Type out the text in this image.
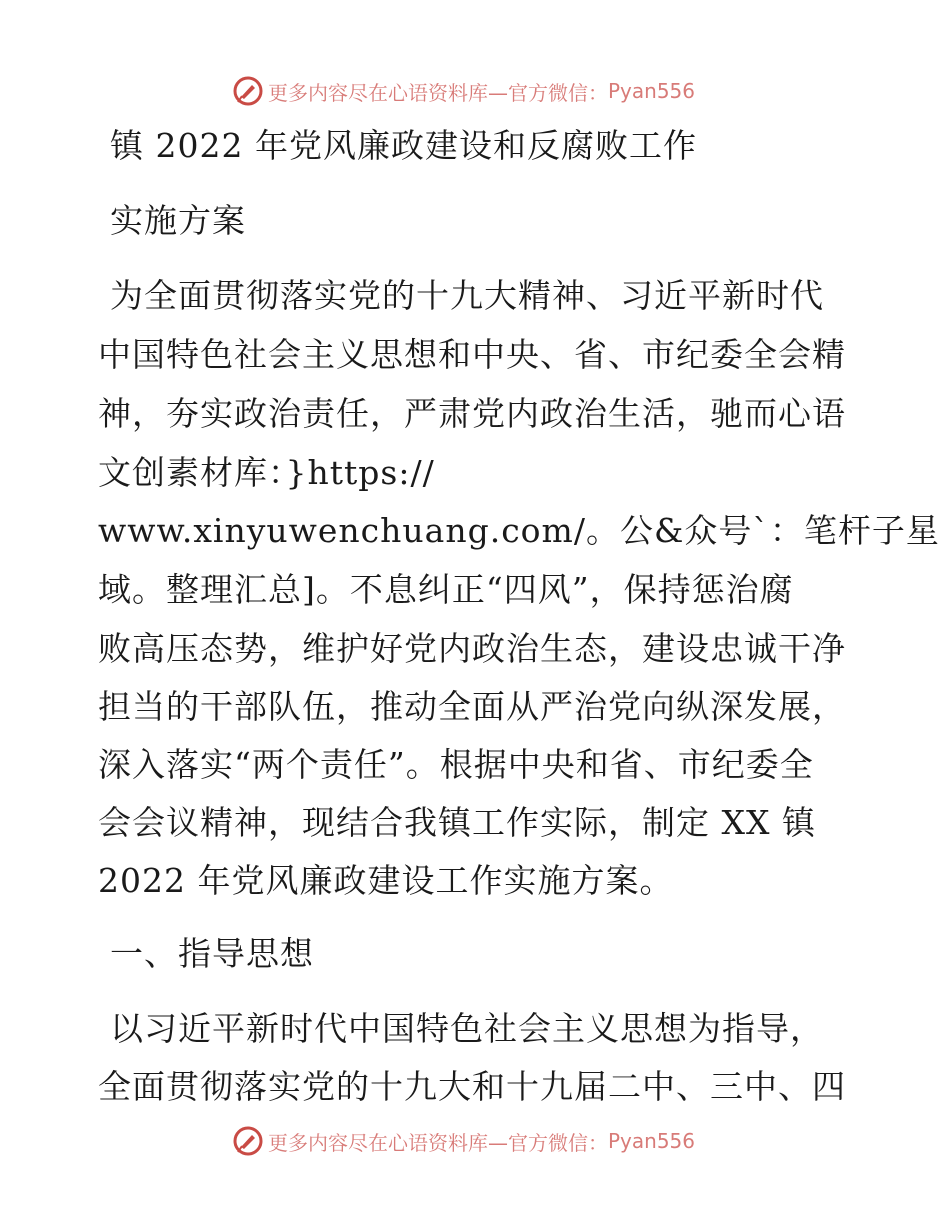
更多内容尽在心语资料库—官方微信： Pyan556
镇 2022 年党风廉政建设和反腐败工作
实施方案
为全面贯彻落实党的十九大精神、习近平新时代
中国特色社会主义思想和中央、省、市纪委全会精
神，夯实政治责任，严肃党内政治生活，驰而心语
文创素材库：}https://
www.xinyuwenchuang.com/。公&众号`：笔杆子星
域。整理汇总]。不息纠正“四风”，保持惩治腐
败高压态势，维护好党内政治生态，建设忠诚干净
担当的干部队伍，推动全面从严治党向纵深发展，
深入落实“两个责任”。根据中央和省、市纪委全
会会议精神，现结合我镇工作实际，制定 XX 镇
2022 年党风廉政建设工作实施方案。
一、指导思想
以习近平新时代中国特色社会主义思想为指导，
全面贯彻落实党的十九大和十九届二中、三中、四
更多内容尽在心语资料库—官方微信： Pyan556
